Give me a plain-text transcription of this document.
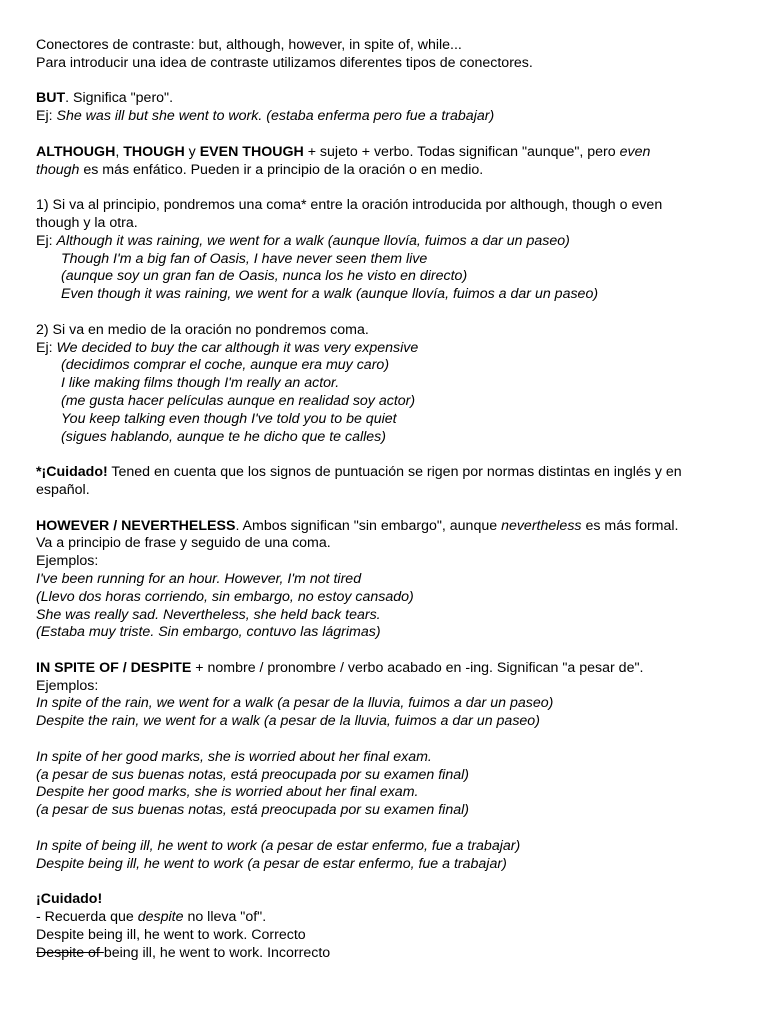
Conectores de contraste: but, although, however, in spite of, while...

Para introducir una idea de contraste utilizamos diferentes tipos de conectores.

BUT. Significa "pero".

Ej: She was ill but she went to work. (estaba enferma pero fue a trabajar)

ALTHOUGH, THOUGH y EVEN THOUGH + sujeto + verbo. Todas significan "aunque", pero even

though es más enfático. Pueden ir a principio de la oración o en medio.

1) Si va al principio, pondremos una coma* entre la oración introducida por although, though o even

though y la otra.

Ej: Although it was raining, we went for a walk (aunque llovía, fuimos a dar un paseo)

Though I'm a big fan of Oasis, I have never seen them live

(aunque soy un gran fan de Oasis, nunca los he visto en directo)

Even though it was raining, we went for a walk (aunque llovía, fuimos a dar un paseo)

2) Si va en medio de la oración no pondremos coma.

Ej: We decided to buy the car although it was very expensive

(decidimos comprar el coche, aunque era muy caro)

I like making films though I'm really an actor.

(me gusta hacer películas aunque en realidad soy actor)

You keep talking even though I've told you to be quiet

(sigues hablando, aunque te he dicho que te calles)

*¡Cuidado! Tened en cuenta que los signos de puntuación se rigen por normas distintas en inglés y en

español.

HOWEVER / NEVERTHELESS. Ambos significan "sin embargo", aunque nevertheless es más formal.

Va a principio de frase y seguido de una coma.

Ejemplos:

I've been running for an hour. However, I'm not tired

(Llevo dos horas corriendo, sin embargo, no estoy cansado)

She was really sad. Nevertheless, she held back tears.

(Estaba muy triste. Sin embargo, contuvo las lágrimas)

IN SPITE OF / DESPITE + nombre / pronombre / verbo acabado en -ing. Significan "a pesar de".

Ejemplos:

In spite of the rain, we went for a walk (a pesar de la lluvia, fuimos a dar un paseo)

Despite the rain, we went for a walk (a pesar de la lluvia, fuimos a dar un paseo)

In spite of her good marks, she is worried about her final exam.

(a pesar de sus buenas notas, está preocupada por su examen final)

Despite her good marks, she is worried about her final exam.

(a pesar de sus buenas notas, está preocupada por su examen final)

In spite of being ill, he went to work (a pesar de estar enfermo, fue a trabajar)

Despite being ill, he went to work (a pesar de estar enfermo, fue a trabajar)

¡Cuidado!

- Recuerda que despite no lleva "of".

Despite being ill, he went to work. Correcto

Despite of being ill, he went to work. Incorrecto
